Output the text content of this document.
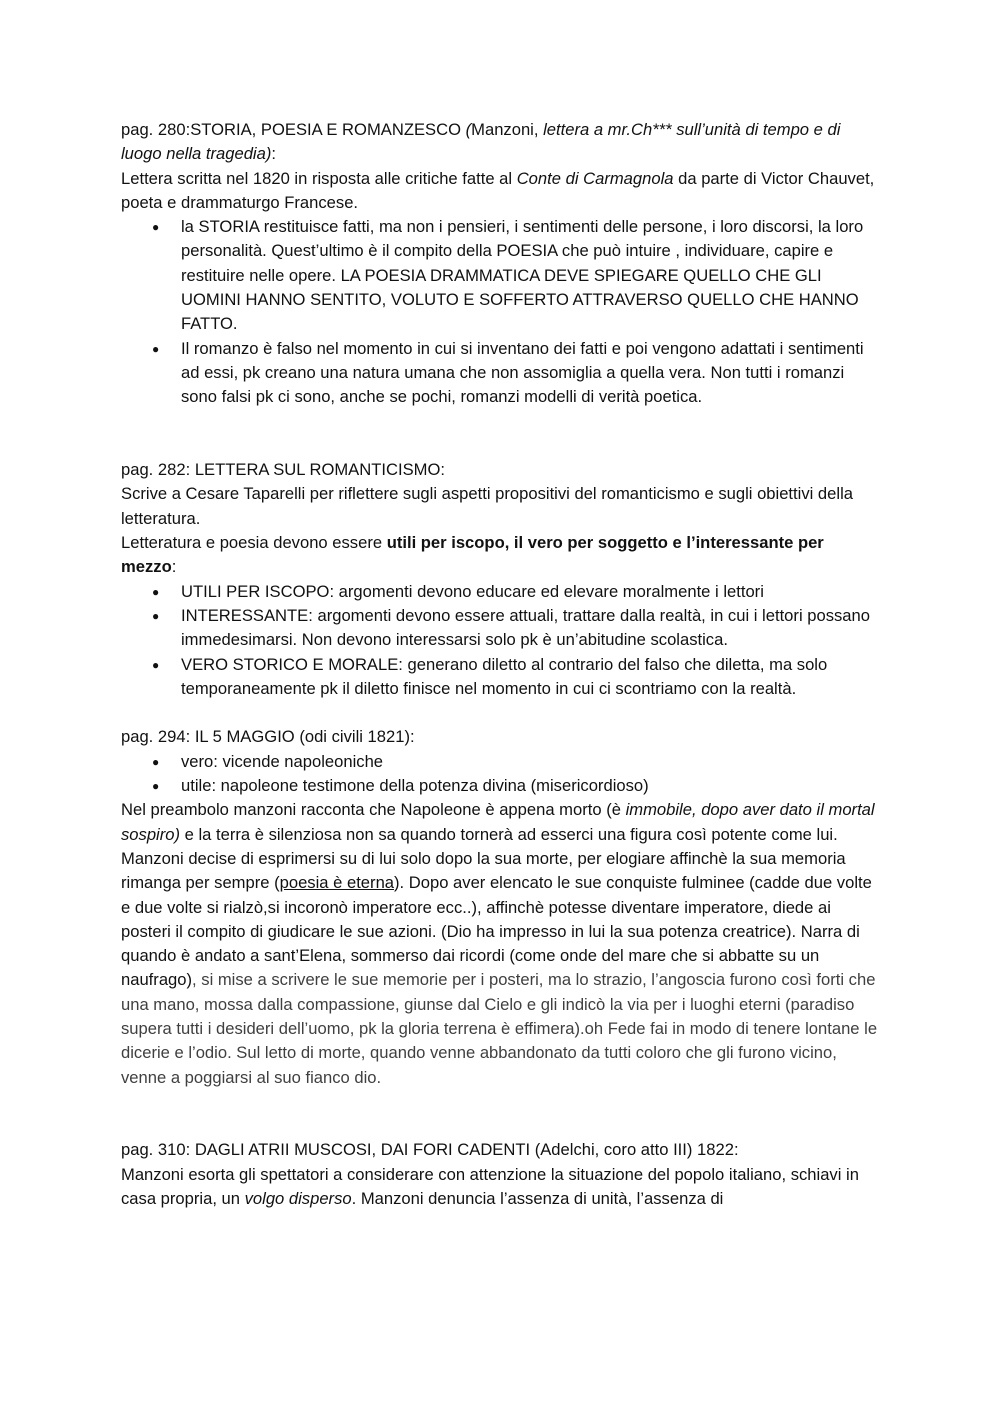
pag. 280:STORIA, POESIA E ROMANZESCO (Manzoni, lettera a mr.Ch*** sull’unità di tempo e di luogo nella tragedia):

Lettera scritta nel 1820 in risposta alle critiche fatte al Conte di Carmagnola da parte di Victor Chauvet, poeta e drammaturgo Francese.

● la STORIA restituisce fatti, ma non i pensieri, i sentimenti delle persone, i loro discorsi, la loro personalità. Quest’ultimo è il compito della POESIA che può intuire , individuare, capire e restituire nelle opere. LA POESIA DRAMMATICA DEVE SPIEGARE QUELLO CHE GLI UOMINI HANNO SENTITO, VOLUTO E SOFFERTO ATTRAVERSO QUELLO CHE HANNO FATTO.
● Il romanzo è falso nel momento in cui si inventano dei fatti e poi vengono adattati i sentimenti ad essi, pk creano una natura umana che non assomiglia a quella vera. Non tutti i romanzi sono falsi pk ci sono, anche se pochi, romanzi modelli di verità poetica.

pag. 282: LETTERA SUL ROMANTICISMO:

Scrive a Cesare Taparelli per riflettere sugli aspetti propositivi del romanticismo e sugli obiettivi della letteratura.

Letteratura e poesia devono essere utili per iscopo, il vero per soggetto e l’interessante per mezzo:

● UTILI PER ISCOPO: argomenti devono educare ed elevare moralmente i lettori
● INTERESSANTE: argomenti devono essere attuali, trattare dalla realtà, in cui i lettori possano immedesimarsi. Non devono interessarsi solo pk è un’abitudine scolastica.
● VERO STORICO E MORALE: generano diletto al contrario del falso che diletta, ma solo temporaneamente pk il diletto finisce nel momento in cui ci scontriamo con la realtà.

pag. 294: IL 5 MAGGIO (odi civili 1821):

● vero: vicende napoleoniche
● utile: napoleone testimone della potenza divina (misericordioso)

Nel preambolo manzoni racconta che Napoleone è appena morto (è immobile, dopo aver dato il mortal sospiro) e la terra è silenziosa non sa quando tornerà ad esserci una figura così potente come lui. Manzoni decise di esprimersi su di lui solo dopo la sua morte, per elogiare affinchè la sua memoria rimanga per sempre (poesia è eterna). Dopo aver elencato le sue conquiste fulminee (cadde due volte e due volte si rialzò,si incoronò imperatore ecc..), affinchè potesse diventare imperatore, diede ai posteri il compito di giudicare le sue azioni. (Dio ha impresso in lui la sua potenza creatrice). Narra di quando è andato a sant’Elena, sommerso dai ricordi (come onde del mare che si abbatte su un naufrago), si mise a scrivere le sue memorie per i posteri, ma lo strazio, l’angoscia furono così forti che una mano, mossa dalla compassione, giunse dal Cielo e gli indicò la via per i luoghi eterni (paradiso supera tutti i desideri dell’uomo, pk la gloria terrena è effimera).oh Fede fai in modo di tenere lontane le dicerie e l’odio. Sul letto di morte, quando venne abbandonato da tutti coloro che gli furono vicino, venne a poggiarsi al suo fianco dio.

pag. 310: DAGLI ATRII MUSCOSI, DAI FORI CADENTI (Adelchi, coro atto III) 1822:

Manzoni esorta gli spettatori a considerare con attenzione la situazione del popolo italiano, schiavi in casa propria, un volgo disperso. Manzoni denuncia l’assenza di unità, l’assenza di
